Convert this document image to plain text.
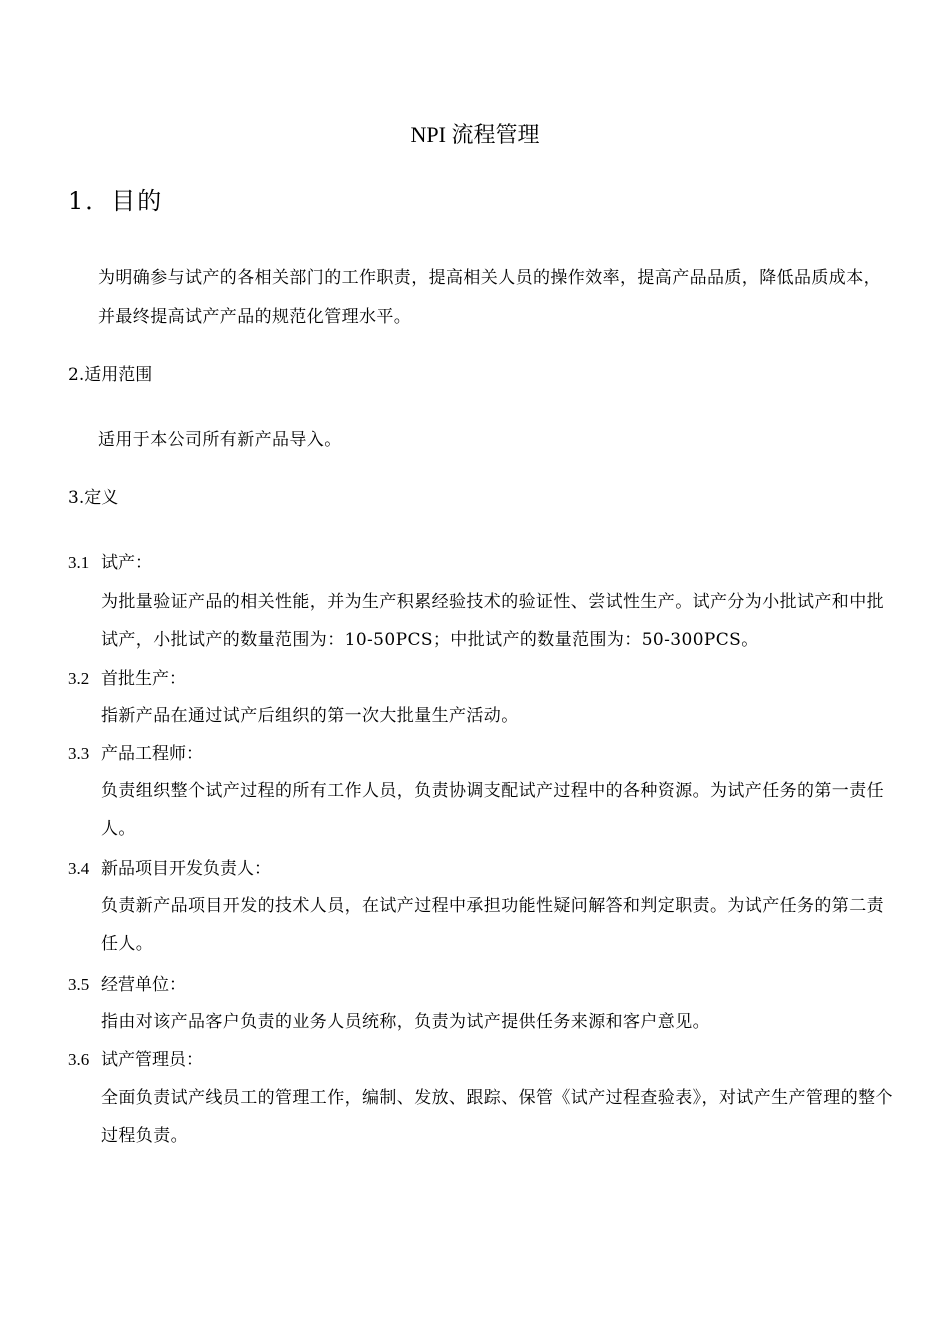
NPI 流程管理
1．目的
为明确参与试产的各相关部门的工作职责，提高相关人员的操作效率，提高产品品质，降低品质成本，并最终提高试产产品的规范化管理水平。
2.适用范围
适用于本公司所有新产品导入。
3.定义
3.1 试产：
为批量验证产品的相关性能，并为生产积累经验技术的验证性、尝试性生产。试产分为小批试产和中批试产，小批试产的数量范围为：10-50PCS；中批试产的数量范围为：50-300PCS。
3.2 首批生产：
指新产品在通过试产后组织的第一次大批量生产活动。
3.3 产品工程师：
负责组织整个试产过程的所有工作人员，负责协调支配试产过程中的各种资源。为试产任务的第一责任人。
3.4 新品项目开发负责人：
负责新产品项目开发的技术人员，在试产过程中承担功能性疑问解答和判定职责。为试产任务的第二责任人。
3.5 经营单位：
指由对该产品客户负责的业务人员统称，负责为试产提供任务来源和客户意见。
3.6 试产管理员：
全面负责试产线员工的管理工作，编制、发放、跟踪、保管《试产过程查验表》，对试产生产管理的整个过程负责。
